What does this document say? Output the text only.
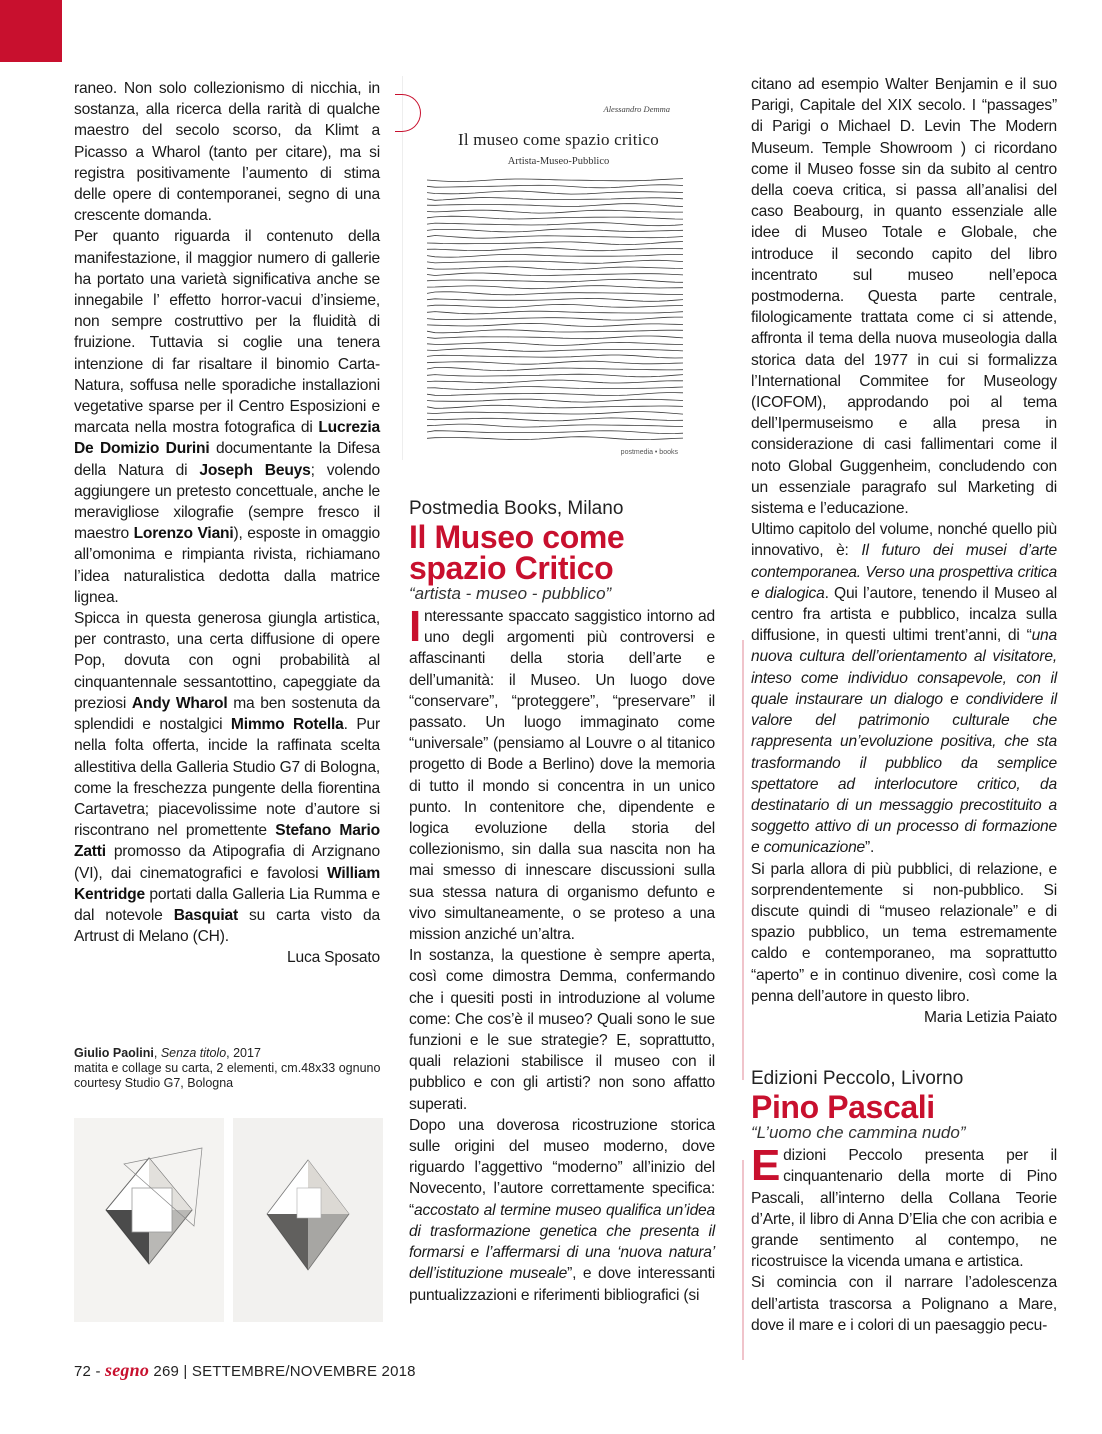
raneo. Non solo collezionismo di nicchia, in sostanza, alla ricerca della rarità di qualche maestro del secolo scorso, da Klimt a Picasso a Wharol (tanto per citare), ma si registra positivamente l’aumento di stima delle opere di contemporanei, segno di una crescente domanda.

Per quanto riguarda il contenuto della manifestazione, il maggior numero di gallerie ha portato una varietà significativa anche se innegabile l’ effetto horror-vacui d’insieme, non sempre costruttivo per la fluidità di fruizione. Tuttavia si coglie una tenera intenzione di far risaltare il binomio Carta-Natura, soffusa nelle sporadiche installazioni vegetative sparse per il Centro Esposizioni e marcata nella mostra fotografica di Lucrezia De Domizio Durini documentante la Difesa della Natura di Joseph Beuys; volendo aggiungere un pretesto concettuale, anche le meravigliose xilografie (sempre fresco il maestro Lorenzo Viani), esposte in omaggio all’omonima e rimpianta rivista, richiamano l’idea naturalistica dedotta dalla matrice lignea.

Spicca in questa generosa giungla artistica, per contrasto, una certa diffusione di opere Pop, dovuta con ogni probabilità al cinquantennale sessantottino, capeggiate da preziosi Andy Wharol ma ben sostenuta da splendidi e nostalgici Mimmo Rotella. Pur nella folta offerta, incide la raffinata scelta allestitiva della Galleria Studio G7 di Bologna, come la freschezza pungente della fiorentina Cartavetra; piacevolissime note d’autore si riscontrano nel promettente Stefano Mario Zatti promosso da Atipografia di Arzignano (VI), dai cinematografici e favolosi William Kentridge portati dalla Galleria Lia Rumma e dal notevole Basquiat su carta visto da Artrust di Melano (CH).

Luca Sposato

Giulio Paolini, Senza titolo, 2017
matita e collage su carta, 2 elementi, cm.48x33 ognuno
courtesy Studio G7, Bologna
Alessandro Demma
Il museo come spazio critico
Artista-Museo-Pubblico
postmedia • books
Postmedia Books, Milano
Il Museo come
spazio Critico
“artista - museo - pubblico”

Interessante spaccato saggistico intorno ad uno degli argomenti più controversi e affascinanti della storia dell’arte e dell’umanità: il Museo. Un luogo dove “conservare”, “proteggere”, “preservare” il passato. Un luogo immaginato come “universale” (pensiamo al Louvre o al titanico progetto di Bode a Berlino) dove la memoria di tutto il mondo si concentra in un unico punto. In contenitore che, dipendente e logica evoluzione della storia del collezionismo, sin dalla sua nascita non ha mai smesso di innescare discussioni sulla sua stessa natura di organismo defunto e vivo simultaneamente, o se proteso a una mission anziché un’altra.

In sostanza, la questione è sempre aperta, così come dimostra Demma, confermando che i quesiti posti in introduzione al volume come: Che cos’è il museo? Quali sono le sue funzioni e le sue strategie? E, soprattutto, quali relazioni stabilisce il museo con il pubblico e con gli artisti? non sono affatto superati.

Dopo una doverosa ricostruzione storica sulle origini del museo moderno, dove riguardo l’aggettivo “moderno” all’inizio del Novecento, l’autore correttamente specifica: “accostato al termine museo qualifica un’idea di trasformazione genetica che presenta il formarsi e l’affermarsi di una ‘nuova natura’ dell’istituzione museale”, e dove interessanti puntualizzazioni e riferimenti bibliografici (si

citano ad esempio Walter Benjamin e il suo Parigi, Capitale del XIX secolo. I “passages” di Parigi o Michael D. Levin The Modern Museum. Temple Showroom ) ci ricordano come il Museo fosse sin da subito al centro della coeva critica, si passa all’analisi del caso Beabourg, in quanto essenziale alle idee di Museo Totale e Globale, che introduce il secondo capito del libro incentrato sul museo nell’epoca postmoderna. Questa parte centrale, filologicamente trattata come ci si attende, affronta il tema della nuova museologia dalla storica data del 1977 in cui si formalizza l’International Commitee for Museology (ICOFOM), approdando poi al tema dell’Ipermuseismo e alla presa in considerazione di casi fallimentari come il noto Global Guggenheim, concludendo con un essenziale paragrafo sul Marketing di sistema e l’educazione.

Ultimo capitolo del volume, nonché quello più innovativo, è: Il futuro dei musei d’arte contemporanea. Verso una prospettiva critica e dialogica. Qui l’autore, tenendo il Museo al centro fra artista e pubblico, incalza sulla diffusione, in questi ultimi trent’anni, di “una nuova cultura dell’orientamento al visitatore, inteso come individuo consapevole, con il quale instaurare un dialogo e condividere il valore del patrimonio culturale che rappresenta un’evoluzione positiva, che sta trasformando il pubblico da semplice spettatore ad interlocutore critico, da destinatario di un messaggio precostituito a soggetto attivo di un processo di formazione e comunicazione”.

Si parla allora di più pubblici, di relazione, e sorprendentemente si non-pubblico. Si discute quindi di “museo relazionale” e di spazio pubblico, un tema estremamente caldo e contemporaneo, ma soprattutto “aperto” e in continuo divenire, così come la penna dell’autore in questo libro.

Maria Letizia Paiato

Edizioni Peccolo, Livorno
Pino Pascali
“L’uomo che cammina nudo”

Edizioni Peccolo presenta per il cinquantenario della morte di Pino Pascali, all’interno della Collana Teorie d’Arte, il libro di Anna D’Elia che con acribia e grande sentimento al contempo, ne ricostruisce la vicenda umana e artistica.

Si comincia con il narrare l’adolescenza dell’artista trascorsa a Polignano a Mare, dove il mare e i colori di un paesaggio pecu-

72 - segno 269 | SETTEMBRE/NOVEMBRE 2018
